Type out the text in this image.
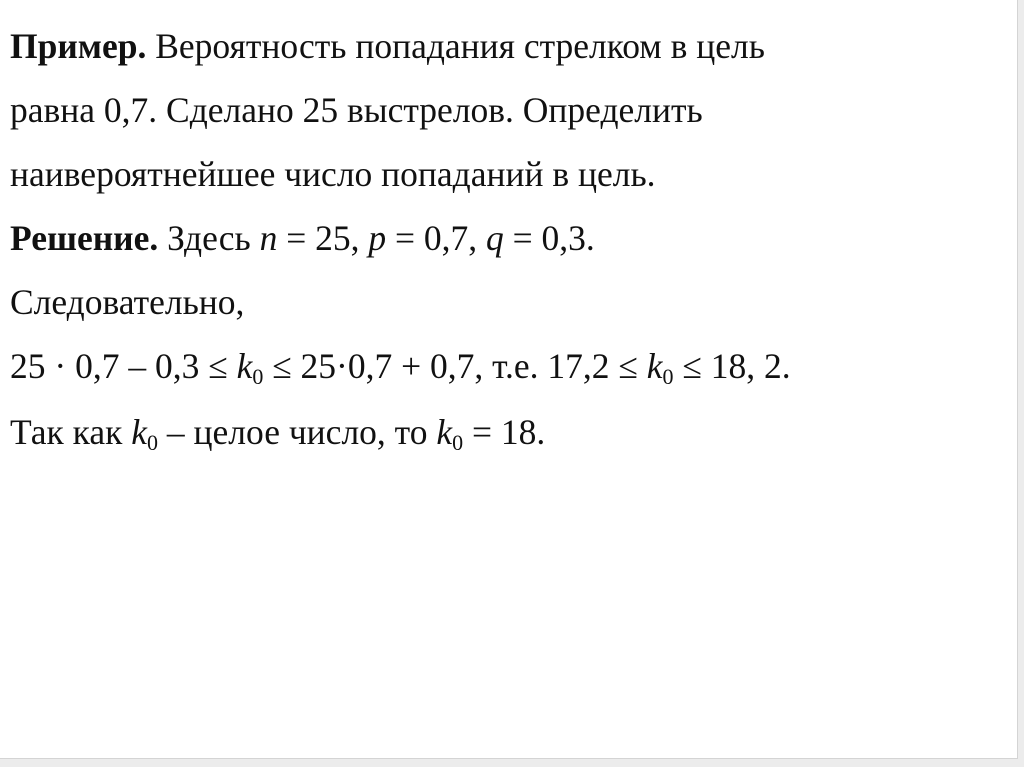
Пример. Вероятность попадания стрелком в цель
равна 0,7. Сделано 25 выстрелов. Определить
наивероятнейшее число попаданий в цель.
Решение. Здесь n = 25, p = 0,7, q = 0,3.
Следовательно,
$25 \cdot 0,7 - 0,3 \le k_0 \le 25\cdot 0,7 + 0,7$, т.е. $17,2 \le k_0 \le 18$, 2.
Так как $k_0$ – целое число, то $k_0 = 18$.
